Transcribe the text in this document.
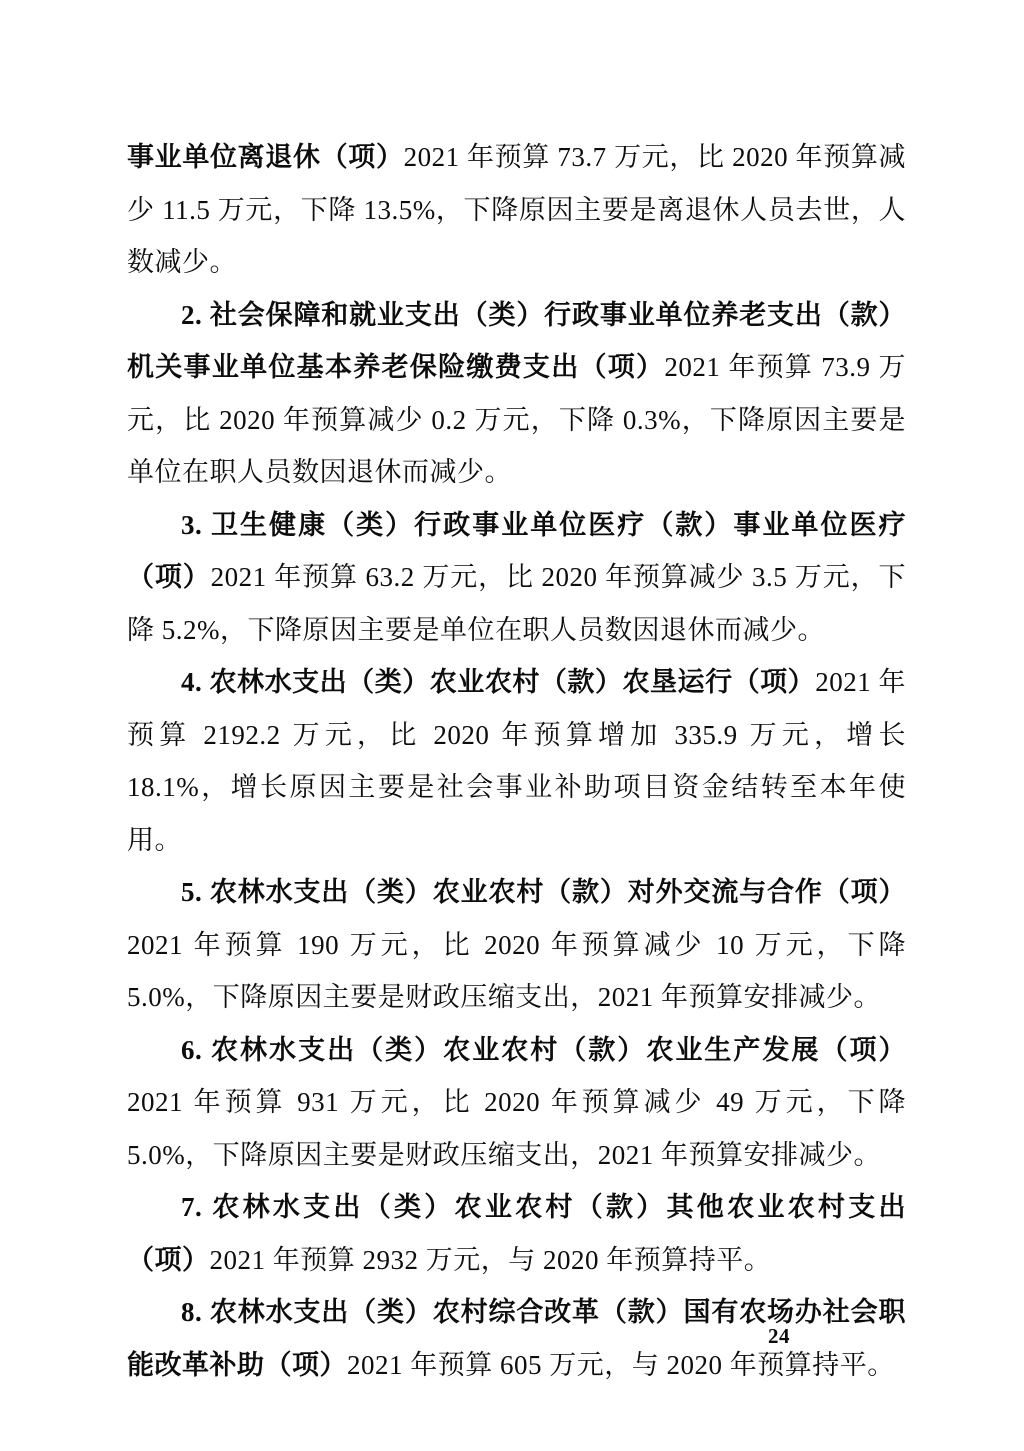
事业单位离退休（项）2021 年预算 73.7 万元，比 2020 年预算减少 11.5 万元，下降 13.5%，下降原因主要是离退休人员去世，人数减少。

2. 社会保障和就业支出（类）行政事业单位养老支出（款）机关事业单位基本养老保险缴费支出（项）2021 年预算 73.9 万元，比 2020 年预算减少 0.2 万元，下降 0.3%，下降原因主要是单位在职人员数因退休而减少。

3. 卫生健康（类）行政事业单位医疗（款）事业单位医疗（项）2021 年预算 63.2 万元，比 2020 年预算减少 3.5 万元，下降 5.2%，下降原因主要是单位在职人员数因退休而减少。

4. 农林水支出（类）农业农村（款）农垦运行（项）2021 年预算 2192.2 万元，比 2020 年预算增加 335.9 万元，增长 18.1%，增长原因主要是社会事业补助项目资金结转至本年使用。

5. 农林水支出（类）农业农村（款）对外交流与合作（项）2021 年预算 190 万元，比 2020 年预算减少 10 万元，下降 5.0%，下降原因主要是财政压缩支出，2021 年预算安排减少。

6. 农林水支出（类）农业农村（款）农业生产发展（项）2021 年预算 931 万元，比 2020 年预算减少 49 万元，下降 5.0%，下降原因主要是财政压缩支出，2021 年预算安排减少。

7. 农林水支出（类）农业农村（款）其他农业农村支出（项）2021 年预算 2932 万元，与 2020 年预算持平。

8. 农林水支出（类）农村综合改革（款）国有农场办社会职能改革补助（项）2021 年预算 605 万元，与 2020 年预算持平。

24
